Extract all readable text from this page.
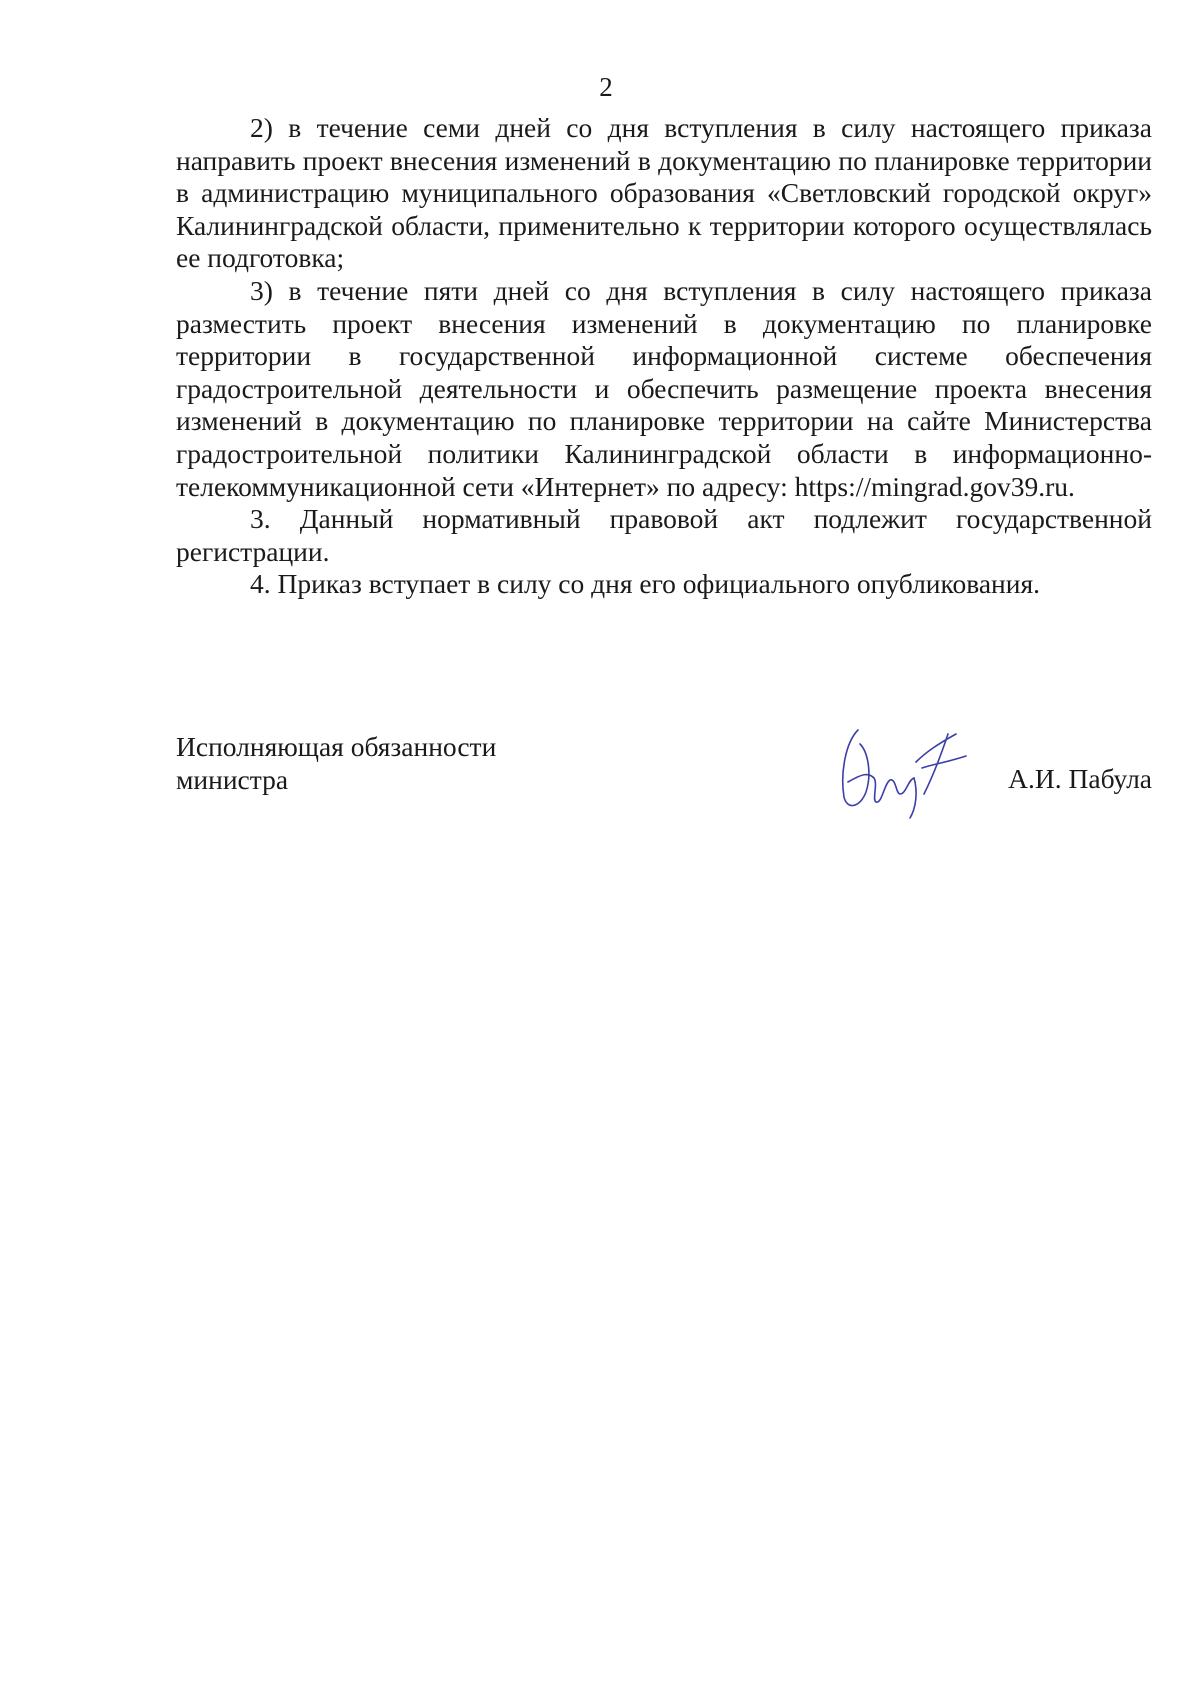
2

2) в течение семи дней со дня вступления в силу настоящего приказа направить проект внесения изменений в документацию по планировке территории в администрацию муниципального образования «Светловский городской округ» Калининградской области, применительно к территории которого осуществлялась ее подготовка;

3) в течение пяти дней со дня вступления в силу настоящего приказа разместить проект внесения изменений в документацию по планировке территории в государственной информационной системе обеспечения градостроительной деятельности и обеспечить размещение проекта внесения изменений в документацию по планировке территории на сайте Министерства градостроительной политики Калининградской области в информационно-телекоммуникационной сети «Интернет» по адресу: https://mingrad.gov39.ru.

3. Данный нормативный правовой акт подлежит государственной регистрации.

4. Приказ вступает в силу со дня его официального опубликования.

Исполняющая обязанности
министра	А.И. Пабула
